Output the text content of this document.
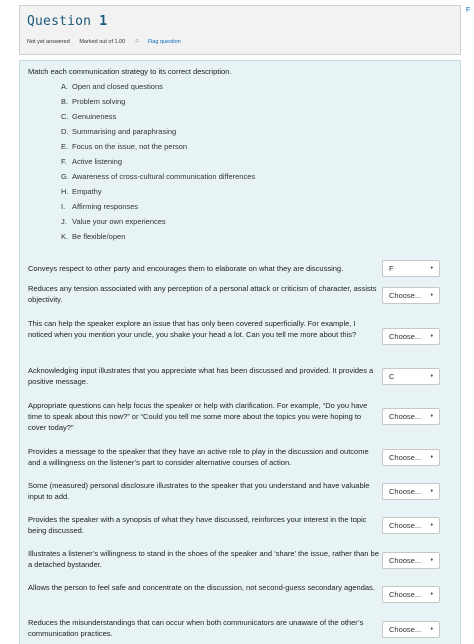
Question 1
Not yet answered Marked out of 1.00 ⚐ Flag question
F
Match each communication strategy to its correct description.
A. Open and closed questions
B. Problem solving
C. Genuineness
D. Summarising and paraphrasing
E. Focus on the issue, not the person
F. Active listening
G. Awareness of cross-cultural communication differences
H. Empathy
I. Affirming responses
J. Value your own experiences
K. Be flexible/open
Conveys respect to other party and encourages them to elaborate on what they are discussing.	F	♦
Reduces any tension associated with any perception of a personal attack or criticism of character, assists objectivity.	Choose... ♦
This can help the speaker explore an issue that has only been covered superficially. For example, I noticed when you mention your uncle, you shake your head a lot. Can you tell me more about this?	Choose... ♦
Acknowledging input illustrates that you appreciate what has been discussed and provided. It provides a positive message.
C	♦
Appropriate questions can help focus the speaker or help with clarification. For example, “Do you have time to speak about this now?” or “Could you tell me some more about the topics you were hoping to cover today?”
Choose... ♦
Provides a message to the speaker that they have an active role to play in the discussion and outcome and a willingness on the listener’s part to consider alternative courses of action.
Choose... ♦
Some (measured) personal disclosure illustrates to the speaker that you understand and have valuable input to add.
Choose... ♦
Provides the speaker with a synopsis of what they have discussed, reinforces your interest in the topic being discussed.
Choose... ♦
Illustrates a listener’s willingness to stand in the shoes of the speaker and ‘share’ the issue, rather than be a detached bystander.	Choose... ♦
Allows the person to feel safe and concentrate on the discussion, not second-guess secondary agendas.
Choose... ♦
Reduces the misunderstandings that can occur when both communicators are unaware of the other’s communication practices.	Choose... ♦
